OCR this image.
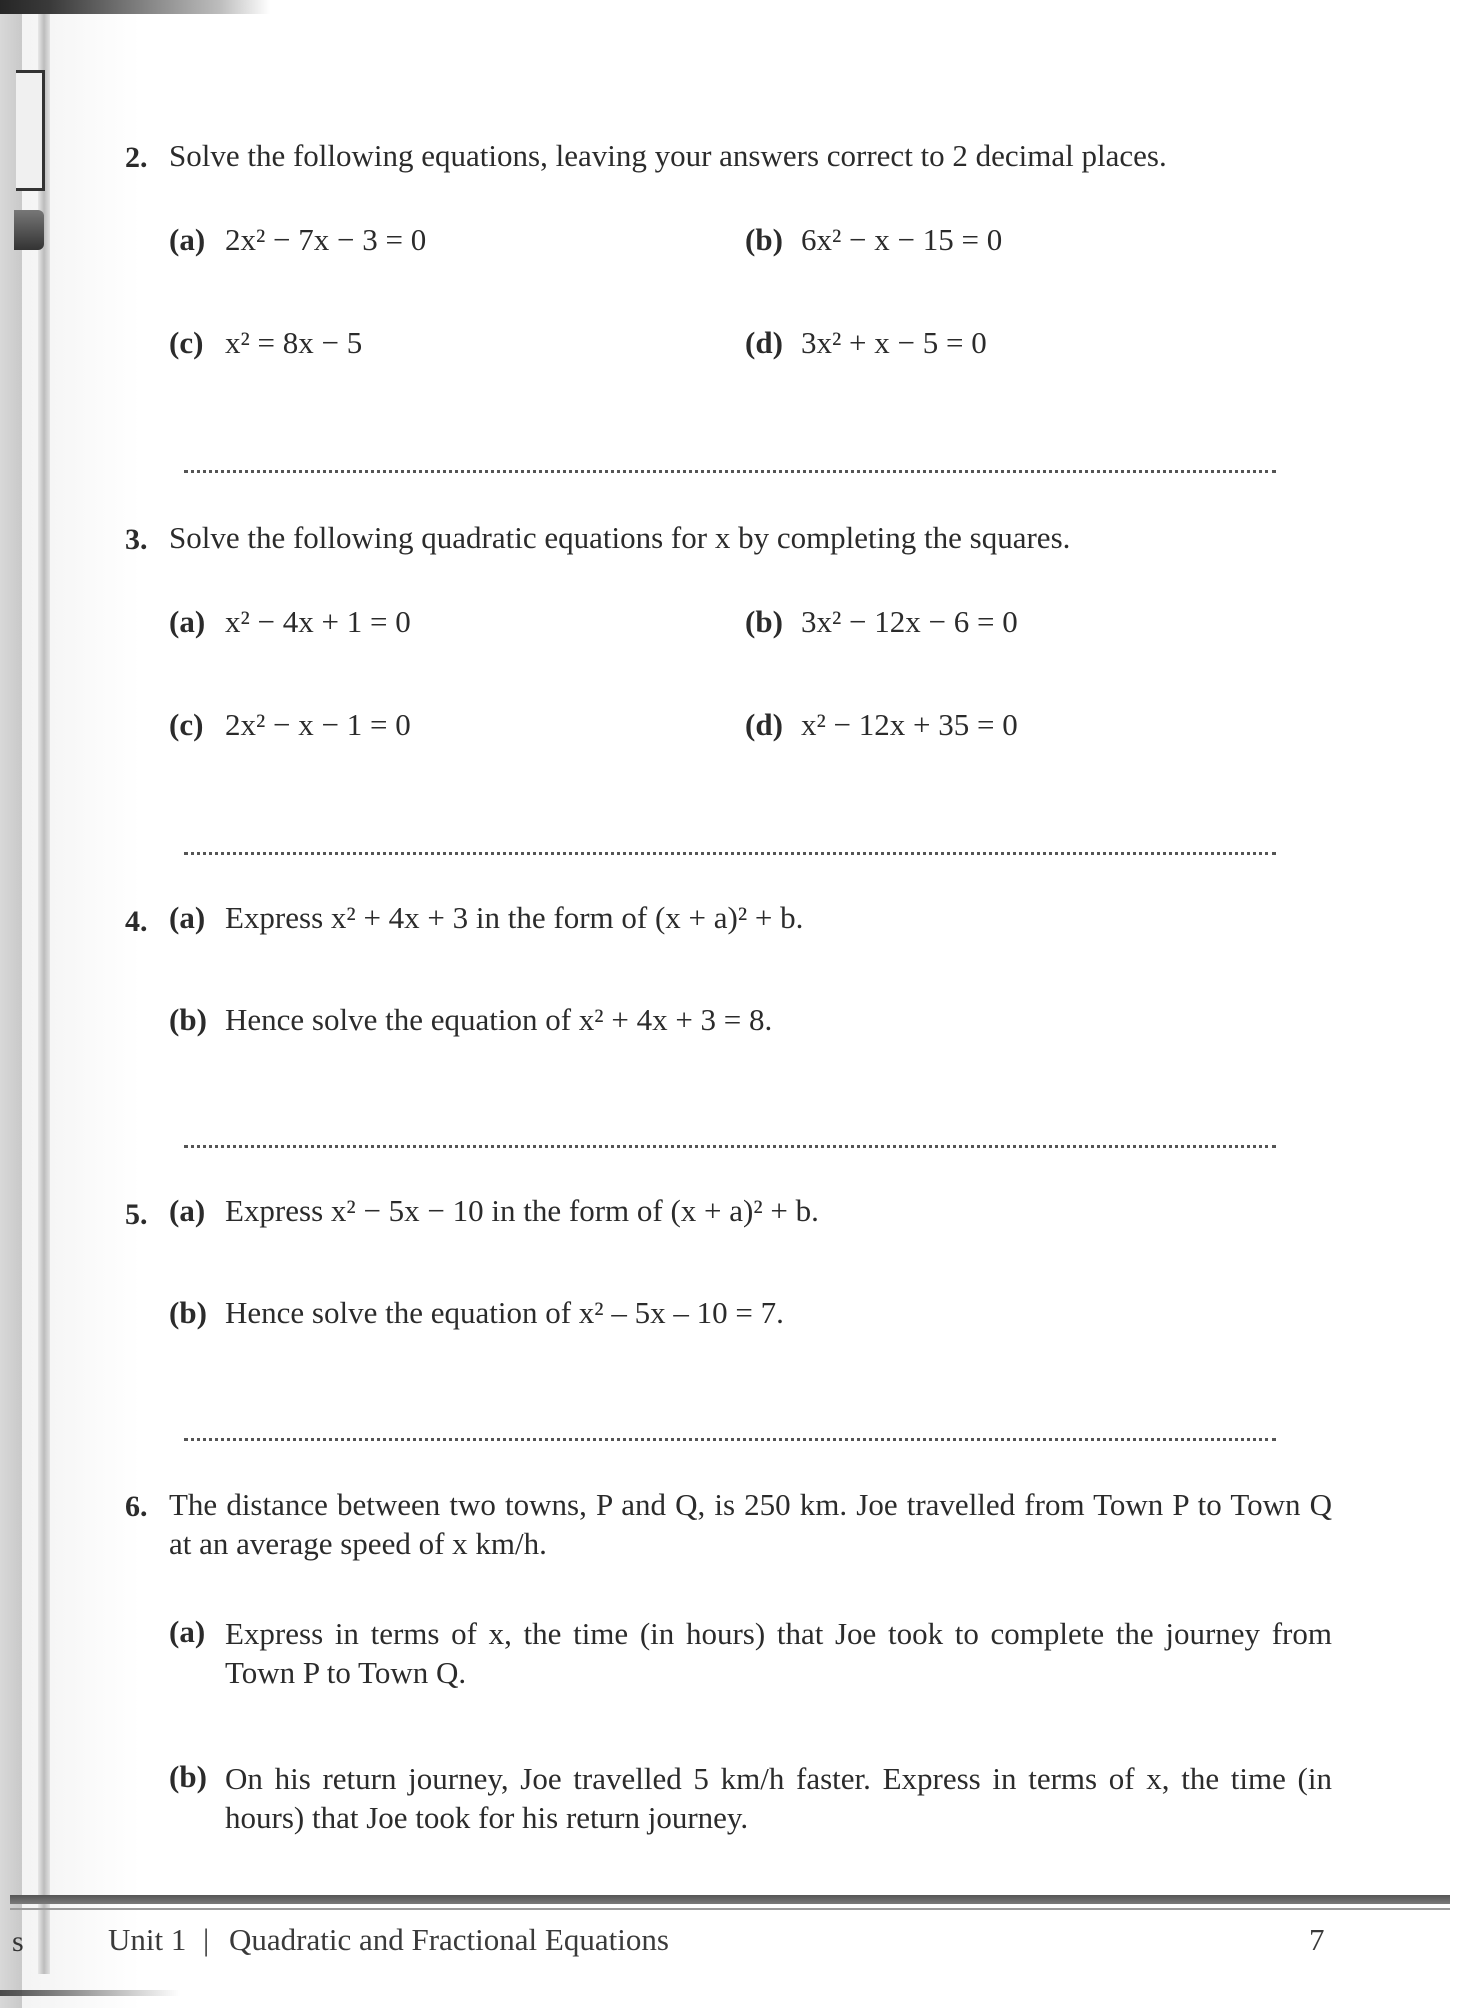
2. Solve the following equations, leaving your answers correct to 2 decimal places.
(a) 2x² − 7x − 3 = 0	(b) 6x² − x − 15 = 0
(c) x² = 8x − 5	(d) 3x² + x − 5 = 0
3. Solve the following quadratic equations for x by completing the squares.
(a) x² − 4x + 1 = 0	(b) 3x² − 12x − 6 = 0
(c) 2x² − x − 1 = 0	(d) x² − 12x + 35 = 0
4. (a) Express x² + 4x + 3 in the form of (x + a)² + b.
(b) Hence solve the equation of x² + 4x + 3 = 8.
5. (a) Express x² − 5x − 10 in the form of (x + a)² + b.
(b) Hence solve the equation of x² – 5x – 10 = 7.
6. The distance between two towns, P and Q, is 250 km. Joe travelled from Town P to Town Q at an average speed of x km/h.
(a) Express in terms of x, the time (in hours) that Joe took to complete the journey from Town P to Town Q.
(b) On his return journey, Joe travelled 5 km/h faster. Express in terms of x, the time (in hours) that Joe took for his return journey.
s	Unit 1 | Quadratic and Fractional Equations	7
